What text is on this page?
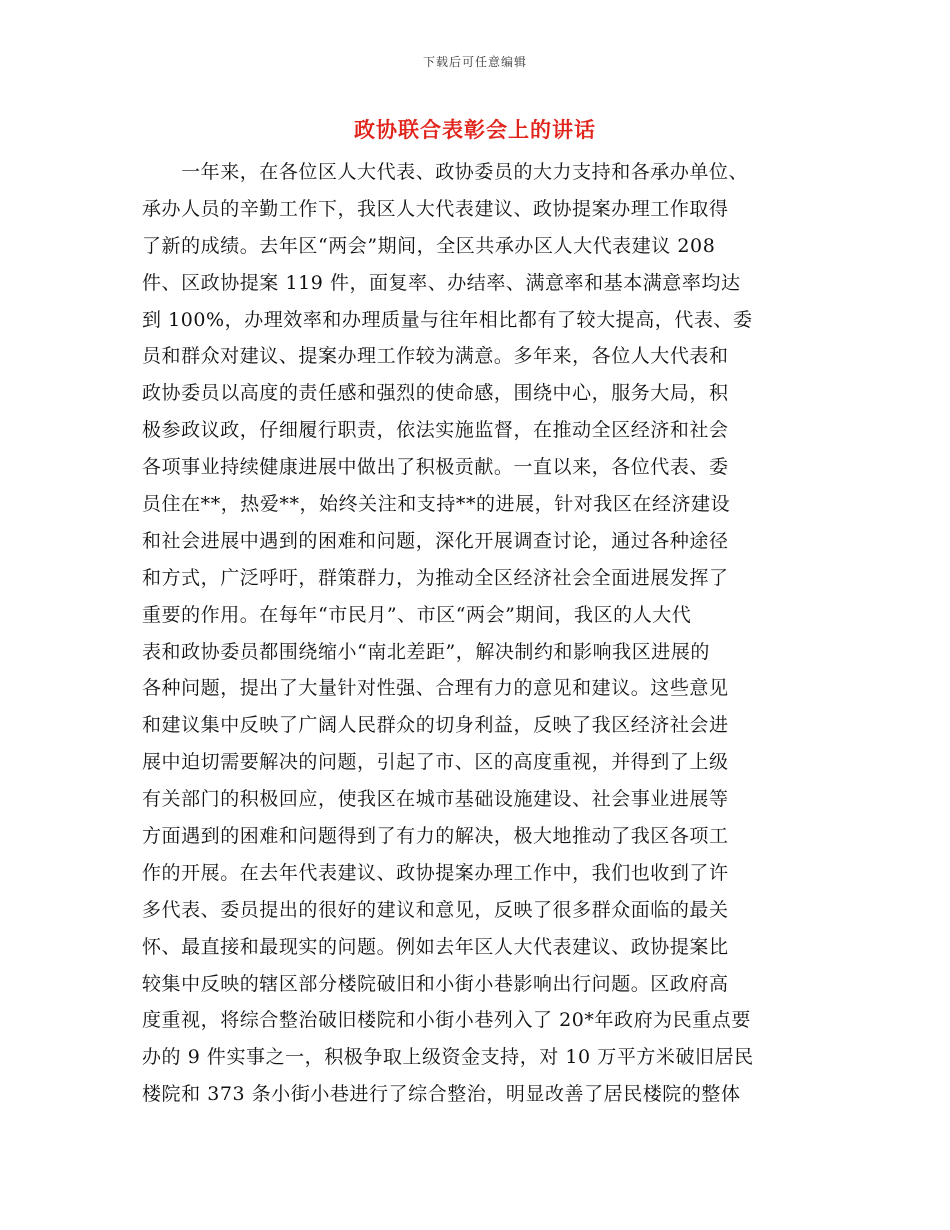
下载后可任意编辑
政协联合表彰会上的讲话
　　一年来，在各位区人大代表、政协委员的大力支持和各承办单位、
承办人员的辛勤工作下，我区人大代表建议、政协提案办理工作取得
了新的成绩。去年区“两会”期间，全区共承办区人大代表建议 208
件、区政协提案 119 件，面复率、办结率、满意率和基本满意率均达
到 100%，办理效率和办理质量与往年相比都有了较大提高，代表、委
员和群众对建议、提案办理工作较为满意。多年来，各位人大代表和
政协委员以高度的责任感和强烈的使命感，围绕中心，服务大局，积
极参政议政，仔细履行职责，依法实施监督，在推动全区经济和社会
各项事业持续健康进展中做出了积极贡献。一直以来，各位代表、委
员住在**，热爱**，始终关注和支持**的进展，针对我区在经济建设
和社会进展中遇到的困难和问题，深化开展调查讨论，通过各种途径
和方式，广泛呼吁，群策群力，为推动全区经济社会全面进展发挥了
重要的作用。在每年“市民月”、市区“两会”期间，我区的人大代
表和政协委员都围绕缩小“南北差距”，解决制约和影响我区进展的
各种问题，提出了大量针对性强、合理有力的意见和建议。这些意见
和建议集中反映了广阔人民群众的切身利益，反映了我区经济社会进
展中迫切需要解决的问题，引起了市、区的高度重视，并得到了上级
有关部门的积极回应，使我区在城市基础设施建设、社会事业进展等
方面遇到的困难和问题得到了有力的解决，极大地推动了我区各项工
作的开展。在去年代表建议、政协提案办理工作中，我们也收到了许
多代表、委员提出的很好的建议和意见，反映了很多群众面临的最关
怀、最直接和最现实的问题。例如去年区人大代表建议、政协提案比
较集中反映的辖区部分楼院破旧和小街小巷影响出行问题。区政府高
度重视，将综合整治破旧楼院和小街小巷列入了 20*年政府为民重点要
办的 9 件实事之一，积极争取上级资金支持，对 10 万平方米破旧居民
楼院和 373 条小街小巷进行了综合整治，明显改善了居民楼院的整体
